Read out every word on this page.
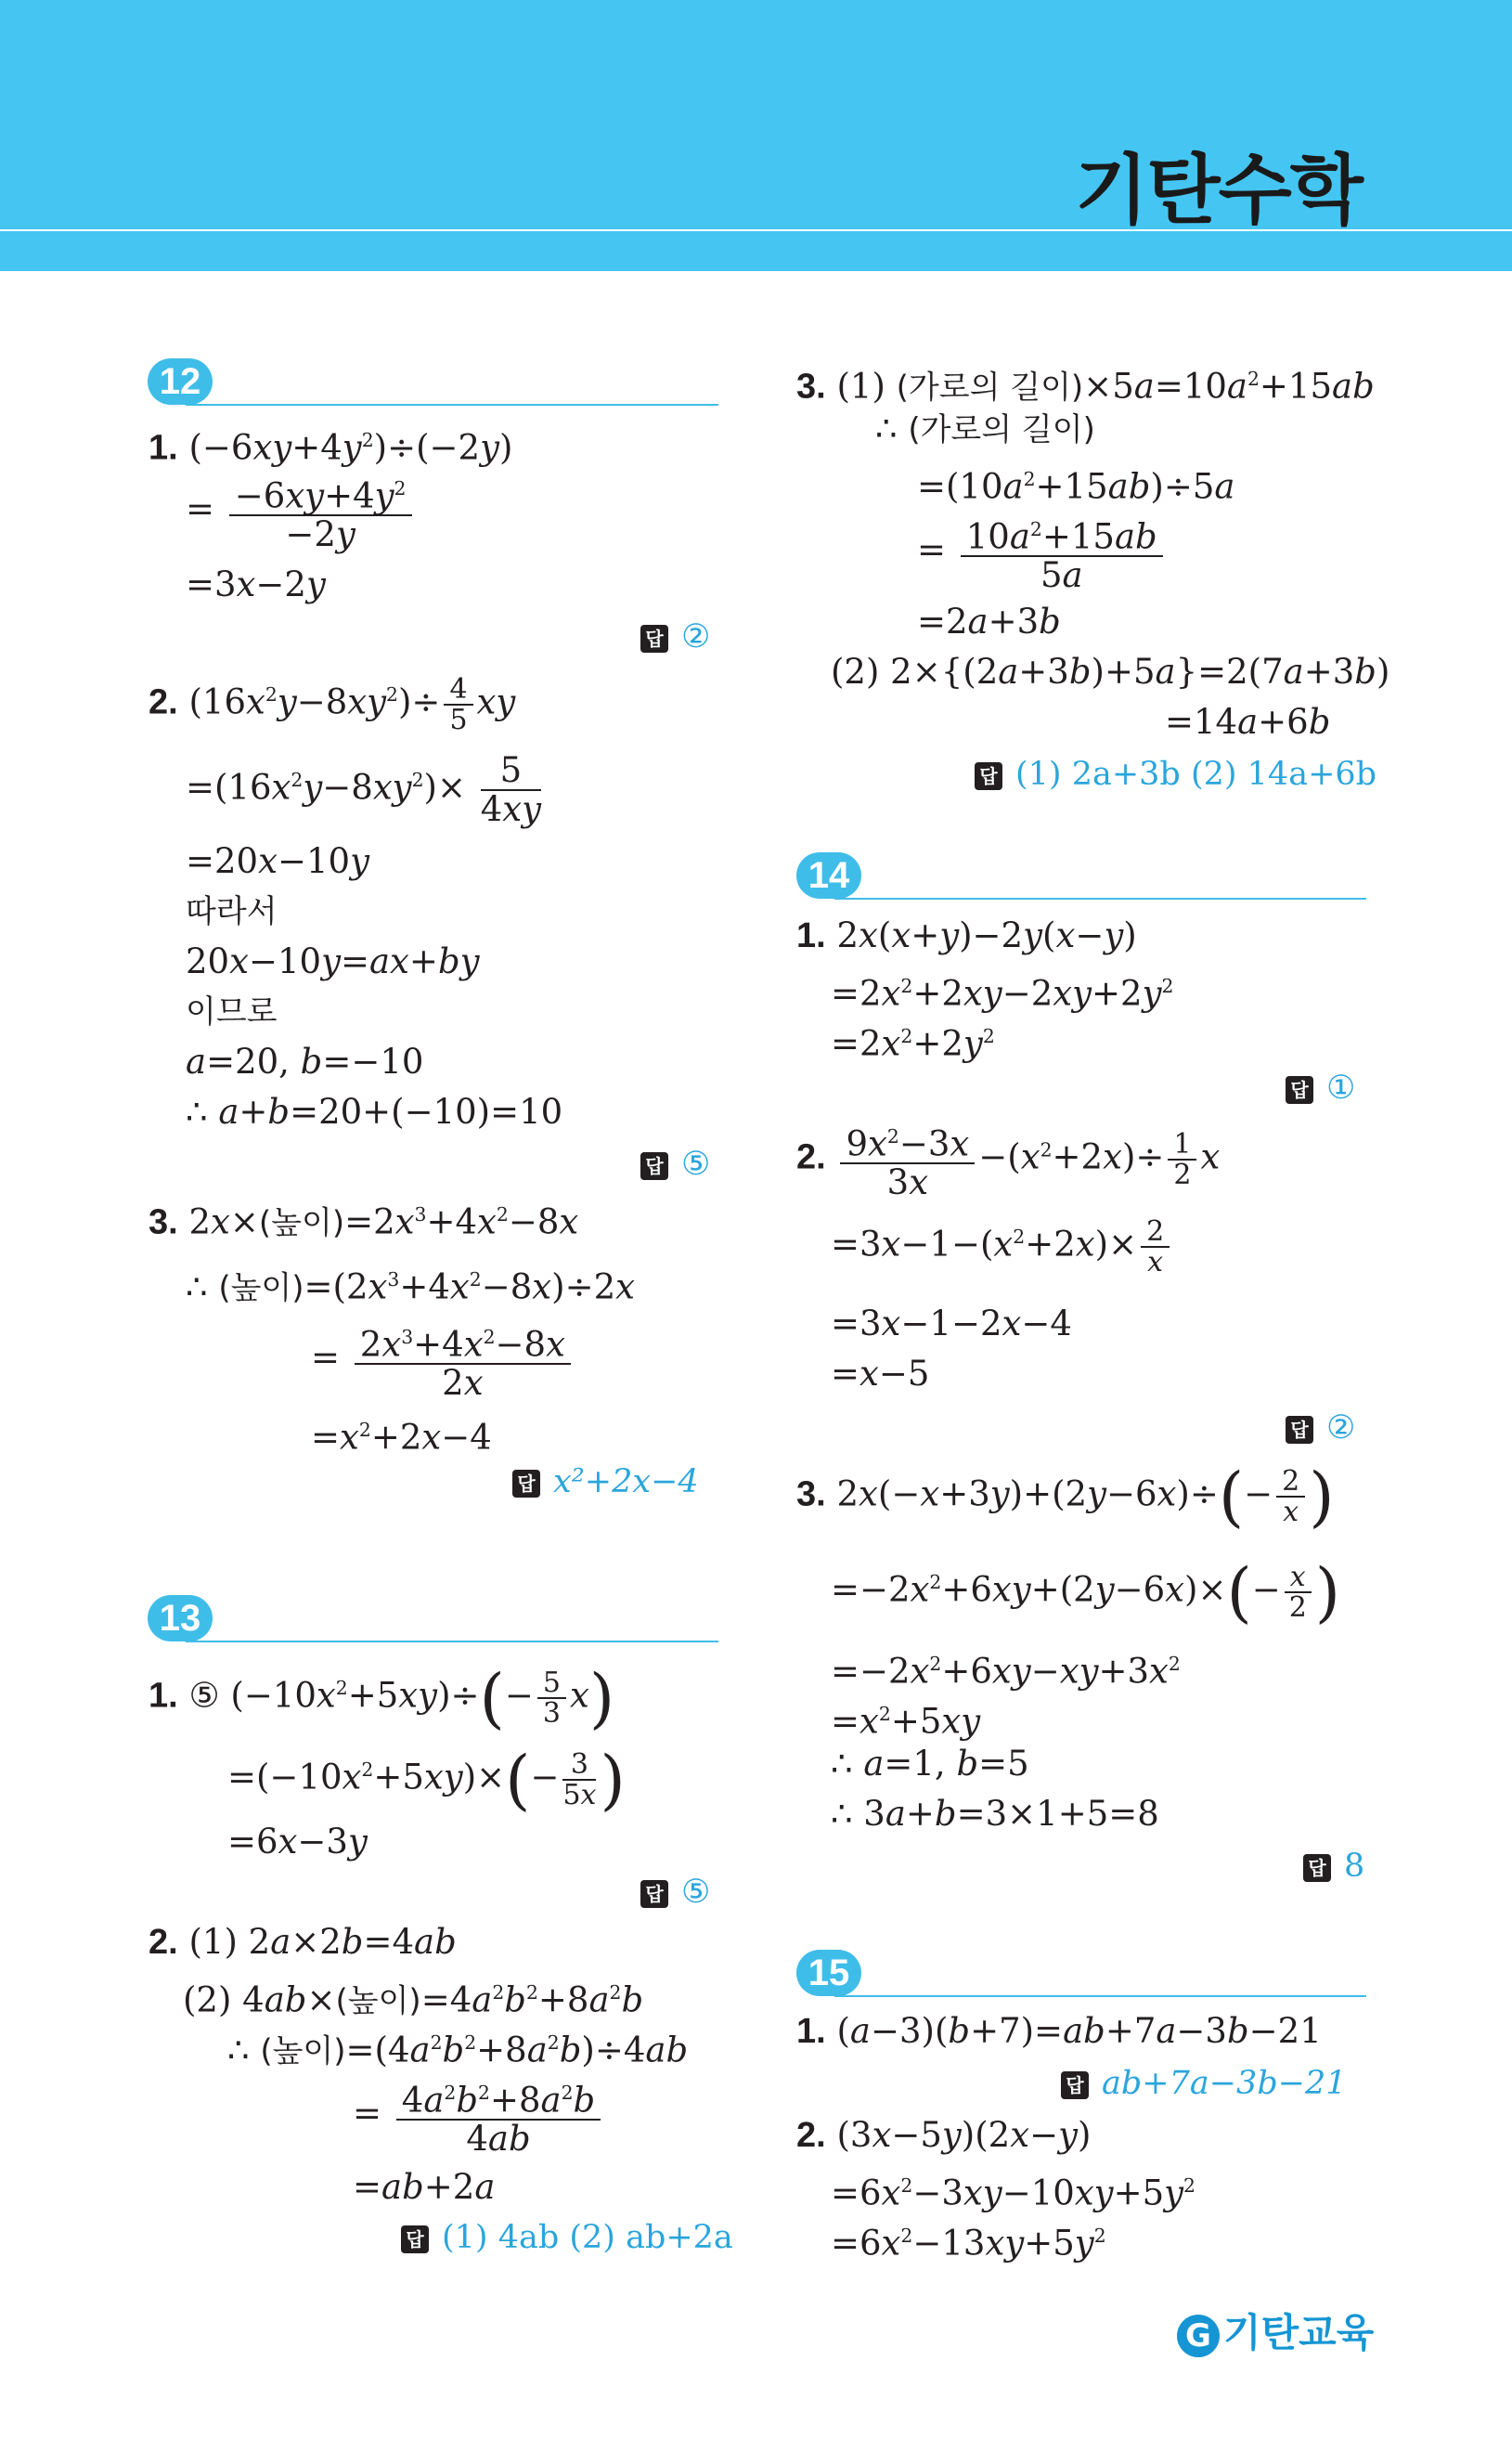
기탄수학
12
1. $(-6xy+4y^2)\div(-2y)$
= $\frac{-6xy+4y^2}{-2y}$
=3x−2y
답 ②
2. $(16x^2y-8xy^2)\div \frac{4}{5}$ xy
$=(16x^2y-8xy^2)\times \frac{5}{4xy}$
=20x−10y
따라서
20x−10y=ax+by
이므로
a=20, b=−10
∴ a+b=20+(−10)=10
답 ⑤
3. 2x×(높이)$=2x^3+4x^2-8x$
∴ (높이)$=(2x^3+4x^2-8x)\div 2x$
= $\frac{2x^3+4x^2-8x}{2x}$
$=x^2+2x-4$
답 x²+2x−4
13
1. ⑤ $(-10x^2+5xy)\div(- \frac{5}{3} x)$
$=(-10x^2+5xy)\times(- \frac{3}{5x}$ )
=6x−3y
답 ⑤
2. (1) 2a×2b=4ab
(2) 4ab×(높이)$=4a^2b^2+8a^2b$
∴ (높이)$=(4a^2b^2+8a^2b)\div 4ab$
= $\frac{4a^2b^2+8a^2b}{4ab}$
=ab+2a
답 (1) 4ab (2) ab+2a
3. (1) (가로의 길이)$\times 5a=10a^2+15ab$
∴ (가로의 길이)
$=(10a^2+15ab)\div 5a$
= $\frac{10a^2+15ab}{5a}$
=2a+3b
(2) 2×{(2a+3b)+5a}=2(7a+3b)
=14a+6b
답 (1) 2a+3b (2) 14a+6b
14
1. 2x(x+y)−2y(x−y)
$=2x^2+2xy-2xy+2y^2$
$=2x^2+2y^2$
답 ①
2. $\frac{9x^2-3x}{3x} -(x^2+2x)\div \frac{1}{2}$ x
$=3x-1-(x^2+2x)\times \frac{2}{x}$
=3x−1−2x−4
=x−5
답 ②
3. $2x(-x+3y)+(2y-6x)\div(- \frac{2}{x}$ )
$=-2x^2+6xy+(2y-6x)\times(- \frac{x}{2}$ )
$=-2x^2+6xy-xy+3x^2$
$=x^2+5xy$
∴ a=1, b=5
∴ 3a+b=3×1+5=8
답 8
15
1. (a−3)(b+7)=ab+7a−3b−21
답 ab+7a−3b−21
2. (3x−5y)(2x−y)
$=6x^2-3xy-10xy+5y^2$
$=6x^2-13xy+5y^2$
G 기탄교육
